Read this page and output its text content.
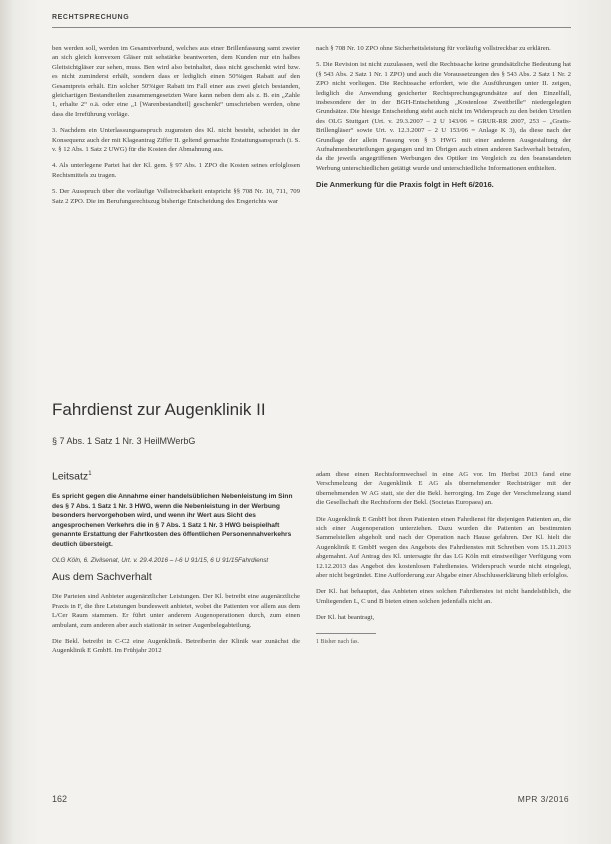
RECHTSPRECHUNG

ben werden soll, werden im Gesamtverbund, welches aus einer Brillenfassung samt zweier an sich gleich konvexen Gläser mit sehstärke beantworten, dem Kunden nur ein halbes Gleitsichtgläser zur sehen, muss. Ben wird also beinhaltet, dass nicht geschenkt wird bzw. es nicht zuminderst erhält, sondern dass er lediglich einen 50%igen Rabatt auf den Gesamtpreis erhält. Ein solcher 50%iger Rabatt im Fall einer aus zwei gleich bestanden, gleichartigen Bestandteilen zusammengesetzten Ware kann neben dem als z. B. ein „Zahle 1, erhalte 2“ o.ä. oder eine „1 [Warenbestandteil] geschenkt“ umschrieben werden, ohne dass die Irreführung vorläge.

3. Nachdem ein Unterlassungsanspruch zugunsten des Kl. nicht besteht, scheidet in der Konsequenz auch der mit Klageantrag Ziffer II. geltend gemachte Erstattungsanspruch (i. S. v. § 12 Abs. 1 Satz 2 UWG) für die Kosten der Abmahnung aus.

4. Als unterlegene Partei hat der Kl. gem. § 97 Abs. 1 ZPO die Kosten seines erfolglosen Rechtsmittels zu tragen.

5. Der Ausspruch über die vorläufige Vollstreckbarkeit entspricht §§ 708 Nr. 10, 711, 709 Satz 2 ZPO. Die im Berufungsrechtszug bisherige Entscheidung des Ersgerichts war

nach § 708 Nr. 10 ZPO ohne Sicherheitsleistung für vorläufig vollstreckbar zu erklären.

5. Die Revision ist nicht zuzulassen, weil die Rechtssache keine grundsätzliche Bedeutung hat (§ 543 Abs. 2 Satz 1 Nr. 1 ZPO) und auch die Voraussetzungen des § 543 Abs. 2 Satz 1 Nr. 2 ZPO nicht vorliegen. Die Rechtssache erfordert, wie die Ausführungen unter II. zeigen, lediglich die Anwendung gesicherter Rechtsprechungsgrundsätze auf den Einzelfall, insbesondere der in der BGH-Entscheidung „Kostenlose Zweitbrille“ niedergelegten Grundsätze. Die hiesige Entscheidung steht auch nicht im Widerspruch zu den beiden Urteilen des OLG Stuttgart (Urt. v. 29.3.2007 – 2 U 143/06 = GRUR-RR 2007, 253 – „Gratis-Brillengläser“ sowie Urt. v. 12.3.2007 – 2 U 153/06 = Anlage K 3), da diese nach der Grundlage der allein Fassung von § 3 HWG mit einer anderen Ausgestaltung der Aufnahmenbeurteilungen gegangen und im Übrigen auch einen anderen Sachverhalt betrafen, da die jeweils angegriffenen Werbungen des Optiker im Vergleich zu den beanstandeten Werbung unterschiedlichen getätigt wurde und unterschiedliche Informationen enthielten.

Die Anmerkung für die Praxis folgt in Heft 6/2016.

Fahrdienst zur Augenklinik II
§ 7 Abs. 1 Satz 1 Nr. 3 HeilMWerbG
Leitsatz$^1$

Es spricht gegen die Annahme einer handelsüblichen Nebenleistung im Sinn des § 7 Abs. 1 Satz 1 Nr. 3 HWG, wenn die Nebenleistung in der Werbung besonders hervorgehoben wird, und wenn ihr Wert aus Sicht des angesprochenen Verkehrs die in § 7 Abs. 1 Satz 1 Nr. 3 HWG beispielhaft genannte Erstattung der Fahrtkosten des öffentlichen Personennahverkehrs deutlich übersteigt.

OLG Köln, 6. Zivilsenat, Urt. v. 29.4.2016 – I-6 U 91/15, 6 U 91/15Fahrdienst

Aus dem Sachverhalt

Die Parteien sind Anbieter augenärztlicher Leistungen. Der Kl. betreibt eine augenärztliche Praxis in F, die ihre Leistungen bundesweit anbietet, wobei die Patienten vor allem aus dem L/Cer Raum stammen. Er führt unter anderem Augenoperationen durch, zum einen ambulant, zum anderen aber auch stationär in seiner Augenbelegabteilung.

Die Bekl. betreibt in C-C2 eine Augenklinik. Betreiberin der Klinik war zunächst die Augenklinik E GmbH. Im Frühjahr 2012

adam diese einen Rechtsformwechsel in eine AG vor. Im Herbst 2013 fand eine Verschmelzung der Augenklinik E AG als übernehmender Rechtsträger mit der übernehmenden W AG statt, sie der die Bekl. herrorging. Im Zuge der Verschmelzung stand die Gesellschaft die Rechtsform der Bekl. (Societas Europaea) an.

Die Augenklinik E GmbH bot ihren Patienten einen Fahrdienst für diejenigen Patienten an, die sich einer Augenoperation unterziehen. Dazu wurden die Patienten an bestimmten Sammelstellen abgeholt und nach der Operation nach Hause gefahren. Der Kl. hielt die Augenklinik E GmbH wegen des Angebots des Fahrdienstes mit Schreiben vom 15.11.2013 abgemahnt. Auf Antrag des Kl. untersagte ihr das LG Köln mit einstweiliger Verfügung vom 12.12.2013 das Angebot des kostenlosen Fahrdienstes. Widerspruch wurde nicht eingelegt, aber nicht begründet. Eine Aufforderung zur Abgabe einer Abschlusserklärung blieb erfolglos.

Der Kl. hat behauptet, das Anbieten eines solchen Fahrdienstes ist nicht handelsüblich, die Umliegenden L, C und B bieten einen solchen jedenfalls nicht an.

Der Kl. hat beantragt,

1 Bisher nach fas.
162	MPR 3/2016
